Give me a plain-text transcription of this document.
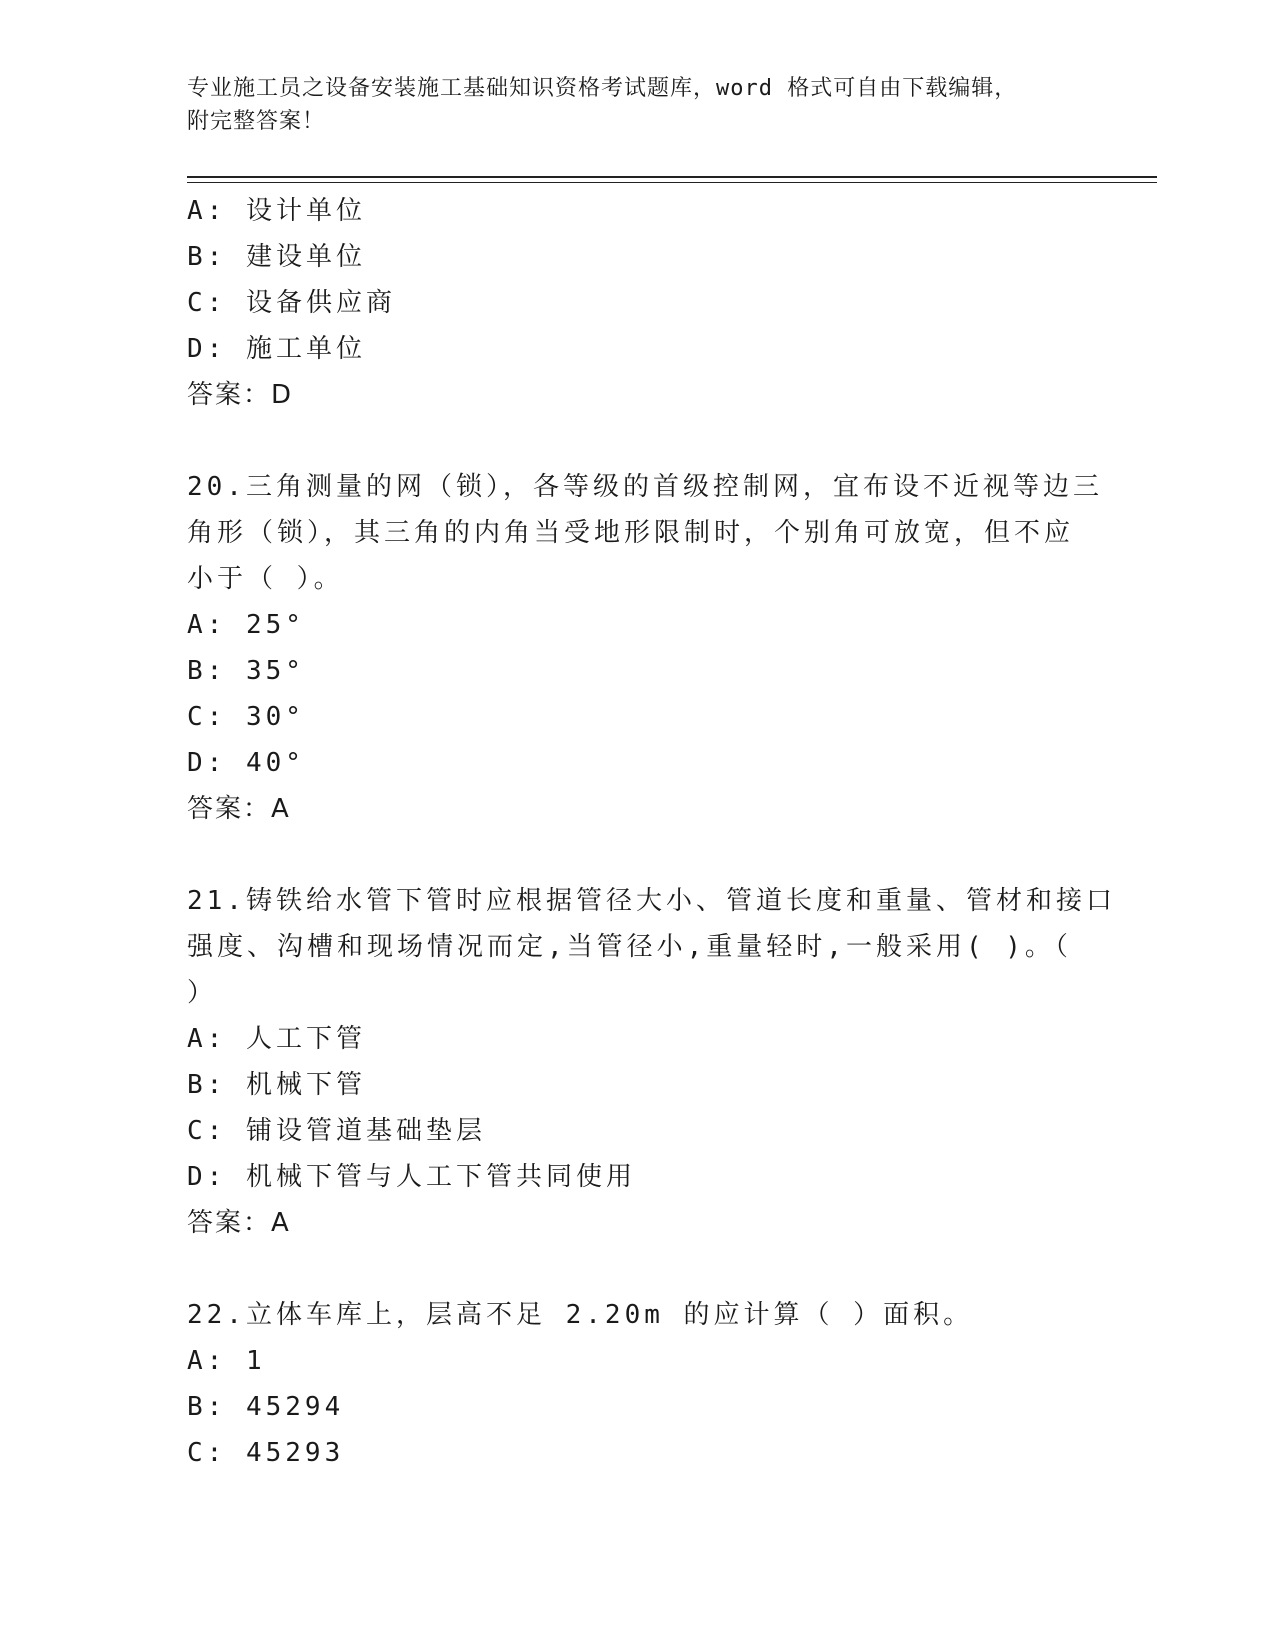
专业施工员之设备安装施工基础知识资格考试题库，word 格式可自由下载编辑，
附完整答案！
A: 设计单位
B: 建设单位
C: 设备供应商
D: 施工单位
答案：D
20.三角测量的网（锁），各等级的首级控制网，宜布设不近视等边三
角形（锁），其三角的内角当受地形限制时，个别角可放宽，但不应
小于（ ）。
A: 25°
B: 35°
C: 30°
D: 40°
答案：A
21.铸铁给水管下管时应根据管径大小、管道长度和重量、管材和接口
强度、沟槽和现场情况而定,当管径小,重量轻时,一般采用( )。（
）
A: 人工下管
B: 机械下管
C: 铺设管道基础垫层
D: 机械下管与人工下管共同使用
答案：A
22.立体车库上，层高不足 2.20m 的应计算（ ）面积。
A: 1
B: 45294
C: 45293
